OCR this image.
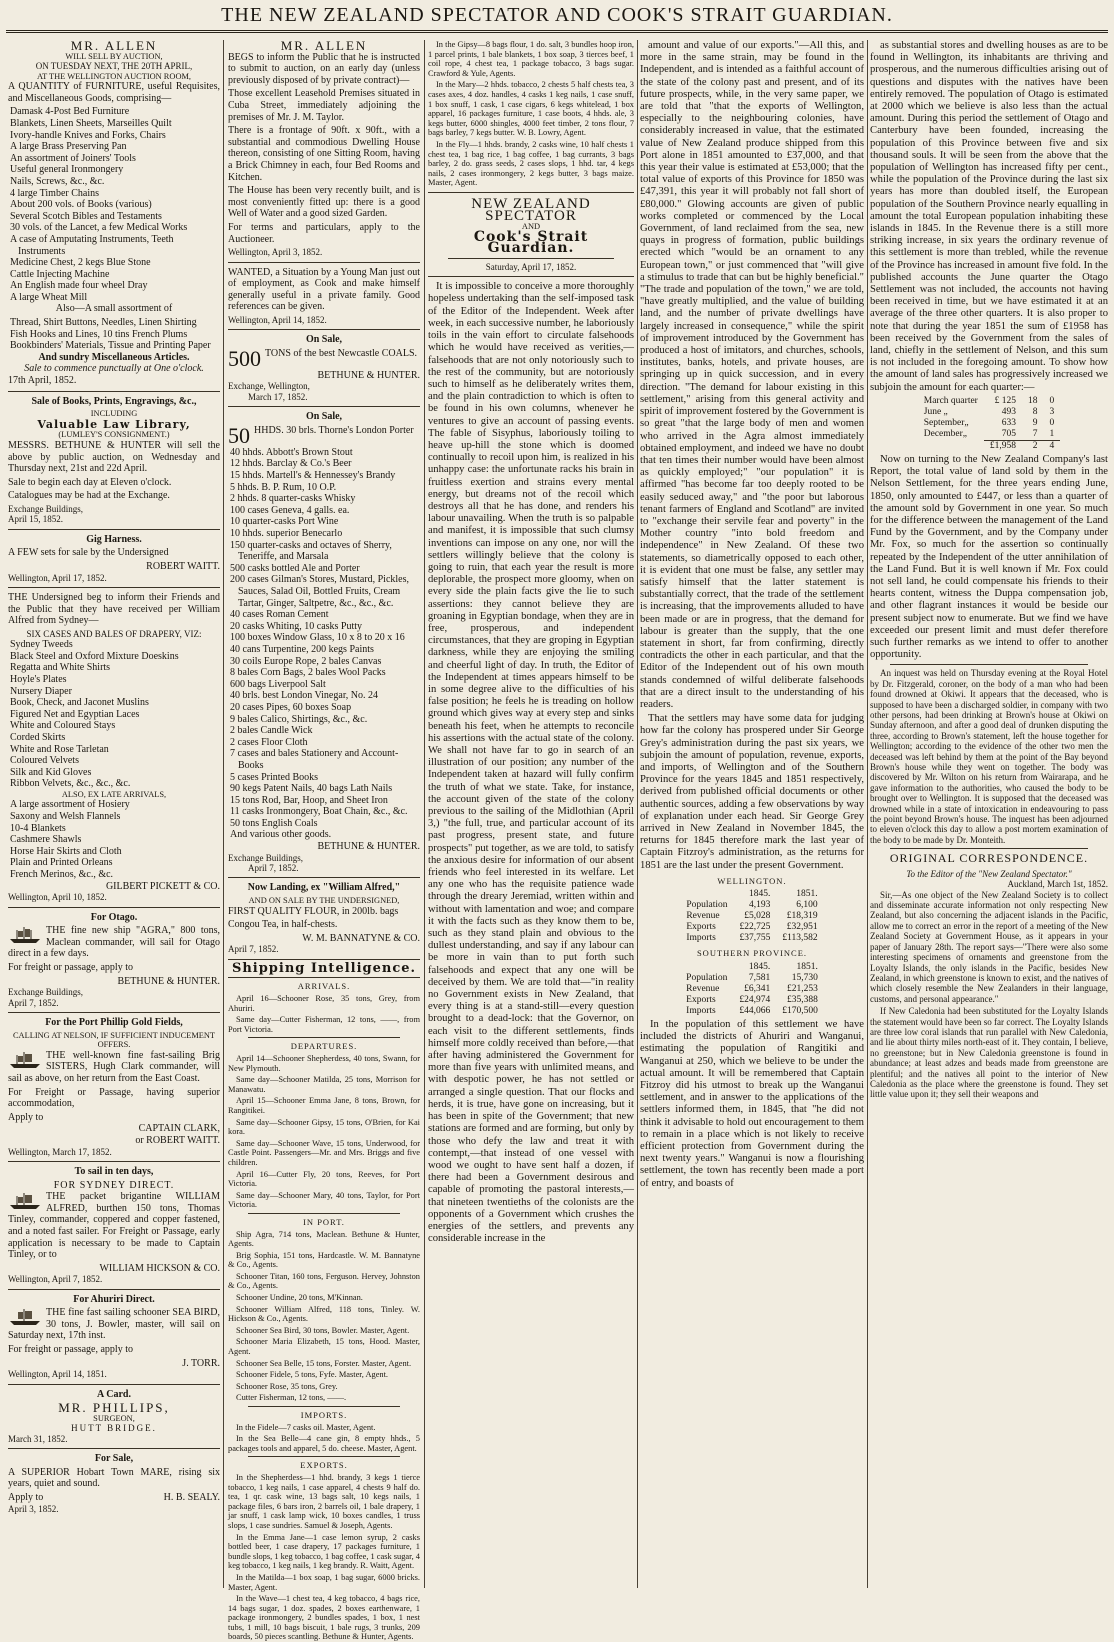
THE NEW ZEALAND SPECTATOR AND COOK'S STRAIT GUARDIAN.
MR. ALLEN
WILL SELL BY AUCTION,
ON TUESDAY NEXT, THE 20TH APRIL,
AT THE WELLINGTON AUCTION ROOM,

A QUANTITY of FURNITURE, useful Requisites, and Miscellaneous Goods, comprising—

Damask 4-Post Bed Furniture
Blankets, Linen Sheets, Marseilles Quilt
Ivory-handle Knives and Forks, Chairs
A large Brass Preserving Pan
An assortment of Joiners' Tools
Useful general Ironmongery
Nails, Screws, &c., &c.
4 large Timber Chains
About 200 vols. of Books (various)
Several Scotch Bibles and Testaments
30 vols. of the Lancet, a few Medical Works
A case of Amputating Instruments, Teeth Instruments
Medicine Chest, 2 kegs Blue Stone
Cattle Injecting Machine
An English made four wheel Dray
A large Wheat Mill

Also—A small assortment of

Thread, Shirt Buttons, Needles, Linen Shirting
Fish Hooks and Lines, 10 tins French Plums
Bookbinders' Materials, Tissue and Printing Paper
And sundry Miscellaneous Articles.
Sale to commence punctually at One o'clock.
17th April, 1852.
Sale of Books, Prints, Engravings, &c.,
INCLUDING
Valuable Law Library,
(LUMLEY'S CONSIGNMENT.)

MESSRS. BETHUNE & HUNTER will sell the above by public auction, on Wednesday and Thursday next, 21st and 22d April.

Sale to begin each day at Eleven o'clock.

Catalogues may be had at the Exchange.

Exchange Buildings,
April 15, 1852.
Gig Harness.

A FEW sets for sale by the Undersigned

ROBERT WAITT.
Wellington, April 17, 1852.

THE Undersigned beg to inform their Friends and the Public that they have received per William Alfred from Sydney—

SIX CASES AND BALES OF DRAPERY, VIZ:
Sydney Tweeds
Black Steel and Oxford Mixture Doeskins
Regatta and White Shirts
Hoyle's Plates
Nursery Diaper
Book, Check, and Jaconet Muslins
Figured Net and Egyptian Laces
White and Coloured Stays
Corded Skirts
White and Rose Tarletan
Coloured Velvets
Silk and Kid Gloves
Ribbon Velvets, &c., &c., &c.
ALSO, EX LATE ARRIVALS,
A large assortment of Hosiery
Saxony and Welsh Flannels
10-4 Blankets
Cashmere Shawls
Horse Hair Skirts and Cloth
Plain and Printed Orleans
French Merinos, &c., &c.
GILBERT PICKETT & CO.
Wellington, April 10, 1852.
For Otago.

THE fine new ship "AGRA," 800 tons, Maclean commander, will sail for Otago direct in a few days.

For freight or passage, apply to

BETHUNE & HUNTER.
Exchange Buildings,
April 7, 1852.
For the Port Phillip Gold Fields,
CALLING AT NELSON, IF SUFFICIENT INDUCEMENT OFFERS.

THE well-known fine fast-sailing Brig SISTERS, Hugh Clark commander, will sail as above, on her return from the East Coast.

For Freight or Passage, having superior accommodation,

Apply to
CAPTAIN CLARK,
or ROBERT WAITT.
Wellington, March 17, 1852.
To sail in ten days,
FOR SYDNEY DIRECT.

THE packet brigantine WILLIAM ALFRED, burthen 150 tons, Thomas Tinley, commander, coppered and copper fastened, and a noted fast sailer. For Freight or Passage, early application is necessary to be made to Captain Tinley, or to

WILLIAM HICKSON & CO.
Wellington, April 7, 1852.
For Ahuriri Direct.

THE fine fast sailing schooner SEA BIRD, 30 tons, J. Bowler, master, will sail on Saturday next, 17th inst.

For freight or passage, apply to

J. TORR.
Wellington, April 14, 1851.
A Card.
MR. PHILLIPS,
SURGEON,
HUTT BRIDGE.
March 31, 1852.
For Sale,

A SUPERIOR Hobart Town MARE, rising six years, quiet and sound.

Apply to	H. B. SEALY.
April 3, 1852.
MR. ALLEN

BEGS to inform the Public that he is instructed to submit to auction, on an early day (unless previously disposed of by private contract)—

Those excellent Leasehold Premises situated in Cuba Street, immediately adjoining the premises of Mr. J. M. Taylor.

There is a frontage of 90ft. x 90ft., with a substantial and commodious Dwelling House thereon, consisting of one Sitting Room, having a Brick Chimney in each, four Bed Rooms and Kitchen.

The House has been very recently built, and is most conveniently fitted up: there is a good Well of Water and a good sized Garden.

For terms and particulars, apply to the Auctioneer.

Wellington, April 3, 1852.

WANTED, a Situation by a Young Man just out of employment, as Cook and make himself generally useful in a private family. Good references can be given.

Wellington, April 14, 1852.
On Sale,
500 TONS of the best Newcastle COALS.
BETHUNE & HUNTER.
Exchange, Wellington,
March 17, 1852.
On Sale,
50 HHDS. 30 brls. Thorne's London Porter
40 hhds. Abbott's Brown Stout
12 hhds. Barclay & Co.'s Beer
15 hhds. Martell's & Hennessey's Brandy
5 hhds. B. P. Rum, 10 O.P.
2 hhds. 8 quarter-casks Whisky
100 cases Geneva, 4 galls. ea.
10 quarter-casks Port Wine
10 hhds. superior Benecarlo
150 quarter-casks and octaves of Sherry, Teneriffe, and Marsala
500 casks bottled Ale and Porter
200 cases Gilman's Stores, Mustard, Pickles, Sauces, Salad Oil, Bottled Fruits, Cream Tartar, Ginger, Saltpetre, &c., &c., &c.
40 cases Roman Cement
20 casks Whiting, 10 casks Putty
100 boxes Window Glass, 10 x 8 to 20 x 16
40 cans Turpentine, 200 kegs Paints
30 coils Europe Rope, 2 bales Canvas
8 bales Corn Bags, 2 bales Wool Packs
600 bags Liverpool Salt
40 brls. best London Vinegar, No. 24
20 cases Pipes, 60 boxes Soap
9 bales Calico, Shirtings, &c., &c.
2 bales Candle Wick
2 cases Floor Cloth
7 cases and bales Stationery and Account-Books
5 cases Printed Books
90 kegs Patent Nails, 40 bags Lath Nails
15 tons Rod, Bar, Hoop, and Sheet Iron
11 casks Ironmongery, Boat Chain, &c., &c.
50 tons English Coals
And various other goods.
BETHUNE & HUNTER.
Exchange Buildings,
April 7, 1852.
Now Landing, ex "William Alfred,"
AND ON SALE BY THE UNDERSIGNED,

FIRST QUALITY FLOUR, in 200lb. bags

Congou Tea, in half-chests.

W. M. BANNATYNE & CO.
April 7, 1852.
Shipping Intelligence.
ARRIVALS.

April 16—Schooner Rose, 35 tons, Grey, from Ahuriri.

Same day—Cutter Fisherman, 12 tons, ——, from Port Victoria.

DEPARTURES.

April 14—Schooner Shepherdess, 40 tons, Swann, for New Plymouth.

Same day—Schooner Matilda, 25 tons, Morrison for Manawatu.

April 15—Schooner Emma Jane, 8 tons, Brown, for Rangitikei.

Same day—Schooner Gipsy, 15 tons, O'Brien, for Kai kora.

Same day—Schooner Wave, 15 tons, Underwood, for Castle Point. Passengers—Mr. and Mrs. Briggs and five children.

April 16—Cutter Fly, 20 tons, Reeves, for Port Victoria.

Same day—Schooner Mary, 40 tons, Taylor, for Port Victoria.

IN PORT.

Ship Agra, 714 tons, Maclean. Bethune & Hunter, Agents.

Brig Sophia, 151 tons, Hardcastle. W. M. Bannatyne & Co., Agents.

Schooner Titan, 160 tons, Ferguson. Hervey, Johnston & Co., Agents.

Schooner Undine, 20 tons, M'Kinnan.

Schooner William Alfred, 118 tons, Tinley. W. Hickson & Co., Agents.

Schooner Sea Bird, 30 tons, Bowler. Master, Agent.

Schooner Maria Elizabeth, 15 tons, Hood. Master, Agent.

Schooner Sea Belle, 15 tons, Forster. Master, Agent.

Schooner Fidele, 5 tons, Fyfe. Master, Agent.

Schooner Rose, 35 tons, Grey.

Cutter Fisherman, 12 tons, ——.

IMPORTS.

In the Fidele—7 casks oil. Master, Agent.

In the Sea Belle—4 cane gin, 8 empty hhds., 5 packages tools and apparel, 5 do. cheese. Master, Agent.

EXPORTS.

In the Shepherdess—1 hhd. brandy, 3 kegs 1 tierce tobacco, 1 keg nails, 1 case apparel, 4 chests 9 half do. tea, 1 qr. cask wine, 13 bags salt, 10 kegs nails, 1 package files, 6 bars iron, 2 barrels oil, 1 bale drapery, 1 jar snuff, 1 cask lamp wick, 10 boxes candles, 1 truss slops, 1 case sundries. Samuel & Joseph, Agents.

In the Emma Jane—1 case lemon syrup, 2 casks bottled beer, 1 case drapery, 17 packages furniture, 1 bundle slops, 1 keg tobacco, 1 bag coffee, 1 cask sugar, 4 keg tobacco, 1 keg nails, 1 keg brandy. R. Waitt, Agent.

In the Matilda—1 box soap, 1 bag sugar, 6000 bricks. Master, Agent.

In the Wave—1 chest tea, 4 keg tobacco, 4 bags rice, 14 bags sugar, 1 doz. spades, 2 boxes earthenware, 1 package ironmongery, 2 bundles spades, 1 box, 1 nest tubs, 1 mill, 10 bags biscuit, 1 bale rugs, 3 trunks, 209 boards, 50 pieces scantling. Bethune & Hunter, Agents.

In the Gipsy—8 bags flour, 1 do. salt, 3 bundles hoop iron, 1 parcel prints, 1 bale blankets, 1 box soap, 3 tierces beef, 1 coil rope, 4 chest tea, 1 package tobacco, 3 bags sugar. Crawford & Yule, Agents.

In the Mary—2 hhds. tobacco, 2 chests 5 half chests tea, 3 cases axes, 4 doz. handles, 4 casks 1 keg nails, 1 case snuff, 1 box snuff, 1 cask, 1 case cigars, 6 kegs whitelead, 1 box apparel, 16 packages furniture, 1 case boots, 4 hhds. ale, 3 kegs butter, 6000 shingles, 4000 feet timber, 2 tons flour, 7 bags barley, 7 kegs butter. W. B. Lowry, Agent.

In the Fly—1 hhds. brandy, 2 casks wine, 10 half chests 1 chest tea, 1 bag rice, 1 bag coffee, 1 bag currants, 3 bags barley, 2 do. grass seeds, 2 cases slops, 1 hhd. tar, 4 kegs nails, 2 cases ironmongery, 2 kegs butter, 3 bags maize. Master, Agent.

NEW ZEALAND SPECTATOR
AND
Cook's Strait Guardian.
Saturday, April 17, 1852.

It is impossible to conceive a more thoroughly hopeless undertaking than the self-imposed task of the Editor of the Independent. Week after week, in each successive number, he laboriously toils in the vain effort to circulate falsehoods which he would have received as verities,—falsehoods that are not only notoriously such to the rest of the community, but are notoriously such to himself as he deliberately writes them, and the plain contradiction to which is often to be found in his own columns, whenever he ventures to give an account of passing events. The fable of Sisyphus, laboriously toiling to heave up-hill the stone which is doomed continually to recoil upon him, is realized in his unhappy case: the unfortunate racks his brain in fruitless exertion and strains every mental energy, but dreams not of the recoil which destroys all that he has done, and renders his labour unavailing. When the truth is so palpable and manifest, it is impossible that such clumsy inventions can impose on any one, nor will the settlers willingly believe that the colony is going to ruin, that each year the result is more deplorable, the prospect more gloomy, when on every side the plain facts give the lie to such assertions: they cannot believe they are groaning in Egyptian bondage, when they are in free, prosperous, and independent circumstances, that they are groping in Egyptian darkness, while they are enjoying the smiling and cheerful light of day. In truth, the Editor of the Independent at times appears himself to be in some degree alive to the difficulties of his false position; he feels he is treading on hollow ground which gives way at every step and sinks beneath his feet, when he attempts to reconcile his assertions with the actual state of the colony. We shall not have far to go in search of an illustration of our position; any number of the Independent taken at hazard will fully confirm the truth of what we state. Take, for instance, the account given of the state of the colony previous to the sailing of the Midlothian (April 3,) "the full, true, and particular account of its past progress, present state, and future prospects" put together, as we are told, to satisfy the anxious desire for information of our absent friends who feel interested in its welfare. Let any one who has the requisite patience wade through the dreary Jeremiad, written within and without with lamentation and woe; and compare it with the facts such as they know them to be, such as they stand plain and obvious to the dullest understanding, and say if any labour can be more in vain than to put forth such falsehoods and expect that any one will be deceived by them. We are told that—"in reality no Government exists in New Zealand, that every thing is at a stand-still—every question brought to a dead-lock: that the Governor, on each visit to the different settlements, finds himself more coldly received than before,—that after having administered the Government for more than five years with unlimited means, and with despotic power, he has not settled or arranged a single question. That our flocks and herds, it is true, have gone on increasing, but it has been in spite of the Government; that new stations are formed and are forming, but only by those who defy the law and treat it with contempt,—that instead of one vessel with wood we ought to have sent half a dozen, if there had been a Government desirous and capable of promoting the pastoral interests,—that nineteen twentieths of the colonists are the opponents of a Government which crushes the energies of the settlers, and prevents any considerable increase in the

amount and value of our exports."—All this, and more in the same strain, may be found in the Independent, and is intended as a faithful account of the state of the colony past and present, and of its future prospects, while, in the very same paper, we are told that "that the exports of Wellington, especially to the neighbouring colonies, have considerably increased in value, that the estimated value of New Zealand produce shipped from this Port alone in 1851 amounted to £37,000, and that this year their value is estimated at £53,000; that the total value of exports of this Province for 1850 was £47,391, this year it will probably not fall short of £80,000." Glowing accounts are given of public works completed or commenced by the Local Government, of land reclaimed from the sea, new quays in progress of formation, public buildings erected which "would be an ornament to any European town," or just commenced that "will give a stimulus to trade that can but be highly beneficial." "The trade and population of the town," we are told, "have greatly multiplied, and the value of building land, and the number of private dwellings have largely increased in consequence," while the spirit of improvement introduced by the Government has produced a host of imitators, and churches, schools, institutes, banks, hotels, and private houses, are springing up in quick succession, and in every direction. "The demand for labour existing in this settlement," arising from this general activity and spirit of improvement fostered by the Government is so great "that the large body of men and women who arrived in the Agra almost immediately obtained employment, and indeed we have no doubt that ten times their number would have been almost as quickly employed;" "our population" it is affirmed "has become far too deeply rooted to be easily seduced away," and "the poor but laborous tenant farmers of England and Scotland" are invited to "exchange their servile fear and poverty" in the Mother country "into bold freedom and independence" in New Zealand. Of these two statements, so diametrically opposed to each other, it is evident that one must be false, any settler may satisfy himself that the latter statement is substantially correct, that the trade of the settlement is increasing, that the improvements alluded to have been made or are in progress, that the demand for labour is greater than the supply, that the one statement in short, far from confirming, directly contradicts the other in each particular, and that the Editor of the Independent out of his own mouth stands condemned of wilful deliberate falsehoods that are a direct insult to the understanding of his readers.

That the settlers may have some data for judging how far the colony has prospered under Sir George Grey's administration during the past six years, we subjoin the amount of population, revenue, exports, and imports, of Wellington and of the Southern Province for the years 1845 and 1851 respectively, derived from published official documents or other authentic sources, adding a few observations by way of explanation under each head. Sir George Grey arrived in New Zealand in November 1845, the returns for 1845 therefore mark the last year of Captain Fitzroy's administration, as the returns for 1851 are the last under the present Government.

WELLINGTON.
	1845.	1851.
Population	4,193	6,100
Revenue	£5,028	£18,319
Exports	£22,725	£32,951
Imports	£37,755	£113,582
SOUTHERN PROVINCE.
	1845.	1851.
Population	7,581	15,730
Revenue	£6,341	£21,253
Exports	£24,974	£35,388
Imports	£44,066	£170,500

In the population of this settlement we have included the districts of Ahuriri and Wanganui, estimating the population of Rangitiki and Wanganui at 250, which we believe to be under the actual amount. It will be remembered that Captain Fitzroy did his utmost to break up the Wanganui settlement, and in answer to the applications of the settlers informed them, in 1845, that "he did not think it advisable to hold out encouragement to them to remain in a place which is not likely to receive efficient protection from Government during the next twenty years." Wanganui is now a flourishing settlement, the town has recently been made a port of entry, and boasts of

as substantial stores and dwelling houses as are to be found in Wellington, its inhabitants are thriving and prosperous, and the numerous difficulties arising out of questions and disputes with the natives have been entirely removed. The population of Otago is estimated at 2000 which we believe is also less than the actual amount. During this period the settlement of Otago and Canterbury have been founded, increasing the population of this Province between five and six thousand souls. It will be seen from the above that the population of Wellington has increased fifty per cent., while the population of the Province during the last six years has more than doubled itself, the European population of the Southern Province nearly equalling in amount the total European population inhabiting these islands in 1845. In the Revenue there is a still more striking increase, in six years the ordinary revenue of this settlement is more than trebled, while the revenue of the Province has increased in amount five fold. In the published accounts the June quarter the Otago Settlement was not included, the accounts not having been received in time, but we have estimated it at an average of the three other quarters. It is also proper to note that during the year 1851 the sum of £1958 has been received by the Government from the sales of land, chiefly in the settlement of Nelson, and this sum is not included in the foregoing amount. To show how the amount of land sales has progressively increased we subjoin the amount for each quarter:—

March quarter	£ 125	18	0
June „	493	8	3
September„	633	9	0
December„	705	7	1
	£1,958	2	4

Now on turning to the New Zealand Company's last Report, the total value of land sold by them in the Nelson Settlement, for the three years ending June, 1850, only amounted to £447, or less than a quarter of the amount sold by Government in one year. So much for the difference between the management of the Land Fund by the Government, and by the Company under Mr. Fox, so much for the assertion so continually repeated by the Independent of the utter annihilation of the Land Fund. But it is well known if Mr. Fox could not sell land, he could compensate his friends to their hearts content, witness the Duppa compensation job, and other flagrant instances it would be beside our present subject now to enumerate. But we find we have exceeded our present limit and must defer therefore such further remarks as we intend to offer to another opportunity.

An inquest was held on Thursday evening at the Royal Hotel by Dr. Fitzgerald, coroner, on the body of a man who had been found drowned at Okiwi. It appears that the deceased, who is supposed to have been a discharged soldier, in company with two other persons, had been drinking at Brown's house at Okiwi on Sunday afternoon, and after a good deal of drunken disputing the three, according to Brown's statement, left the house together for Wellington; according to the evidence of the other two men the deceased was left behind by them at the point of the Bay beyond Brown's house while they went on together. The body was discovered by Mr. Wilton on his return from Wairarapa, and he gave information to the authorities, who caused the body to be brought over to Wellington. It is supposed that the deceased was drowned while in a state of intoxication in endeavouring to pass the point beyond Brown's house. The inquest has been adjourned to eleven o'clock this day to allow a post mortem examination of the body to be made by Dr. Monteith.

ORIGINAL CORRESPONDENCE.
To the Editor of the "New Zealand Spectator."
Auckland, March 1st, 1852.

Sir,—As one object of the New Zealand Society is to collect and disseminate accurate information not only respecting New Zealand, but also concerning the adjacent islands in the Pacific, allow me to correct an error in the report of a meeting of the New Zealand Society at Government House, as it appears in your paper of January 28th. The report says—"There were also some interesting specimens of ornaments and greenstone from the Loyalty Islands, the only islands in the Pacific, besides New Zealand, in which greenstone is known to exist, and the natives of which closely resemble the New Zealanders in their language, customs, and personal appearance."

If New Caledonia had been substituted for the Loyalty Islands the statement would have been so far correct. The Loyalty Islands are three low coral islands that run parallel with New Caledonia, and lie about thirty miles north-east of it. They contain, I believe, no greenstone; but in New Caledonia greenstone is found in abundance; at least adzes and beads made from greenstone are plentiful; and the natives all point to the interior of New Caledonia as the place where the greenstone is found. They set little value upon it; they sell their weapons and
